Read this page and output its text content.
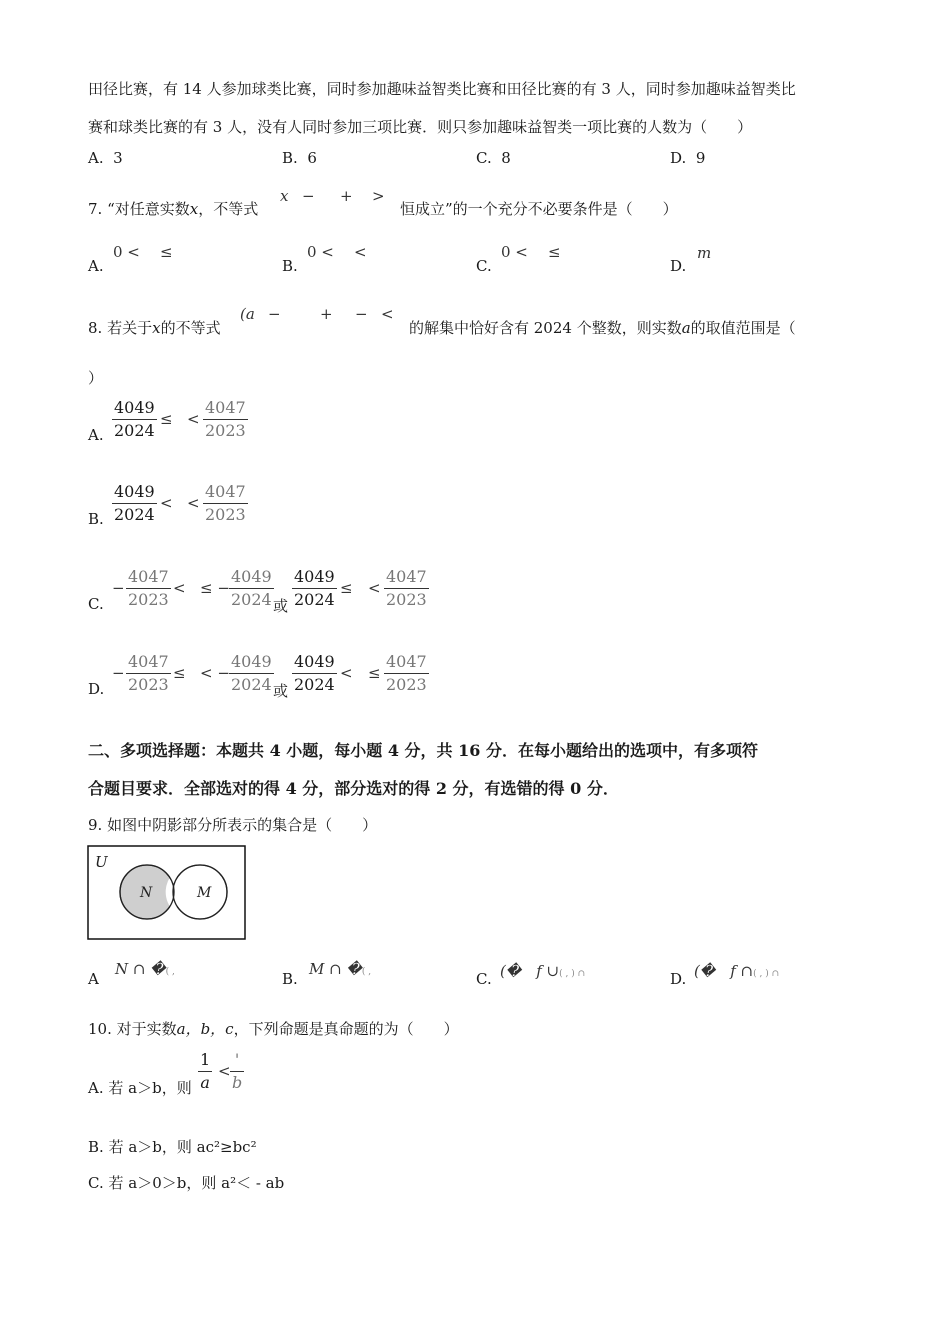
田径比赛，有 14 人参加球类比赛，同时参加趣味益智类比赛和田径比赛的有 3 人，同时参加趣味益智类比
赛和球类比赛的有 3 人，没有人同时参加三项比赛．则只参加趣味益智类一项比赛的人数为（　　）
A. 3	B. 6	C. 8	D. 9
7. “对任意实数x，不等式
x − + >
恒成立”的一个充分不必要条件是（　　）
A.
0 < ≤
B.
0 < <
C.
0 < ≤
D.
m
8. 若关于x的不等式
(a −	+ − <
的解集中恰好含有 2024 个整数，则实数a的取值范围是（
）
A. $\frac{4049}{2024}$ ≤ < $\frac{4047}{2023}$
B. $\frac{4049}{2024}$ < < $\frac{4047}{2023}$
C.
− $\frac{4047}{2023}$ < ≤ − $\frac{4049}{2024}$ 或 $\frac{4049}{2024}$ ≤ < $\frac{4047}{2023}$
D.
− $\frac{4047}{2023}$ ≤ < − $\frac{4049}{2024}$ 或 $\frac{4049}{2024}$ < ≤ $\frac{4047}{2023}$
二、多项选择题：本题共 4 小题，每小题 4 分，共 16 分．在每小题给出的选项中，有多项符
合题目要求．全部选对的得 4 分，部分选对的得 2 分，有选错的得 0 分．
9. 如图中阴影部分所表示的集合是（　　）
U
N	M
A
N ∩ �( ,	B.
M ∩ �( ,	C. (�　f ∪( , ) ∩	D. (�　f ∩( , ) ∩
10. 对于实数a，b，c，下列命题是真命题的为（　　）
A. 若 a＞b，则 $\frac{1}{a}$ <
'
b
B. 若 a＞b，则 ac²≥bc²
C. 若 a＞0＞b，则 a²＜ - ab
